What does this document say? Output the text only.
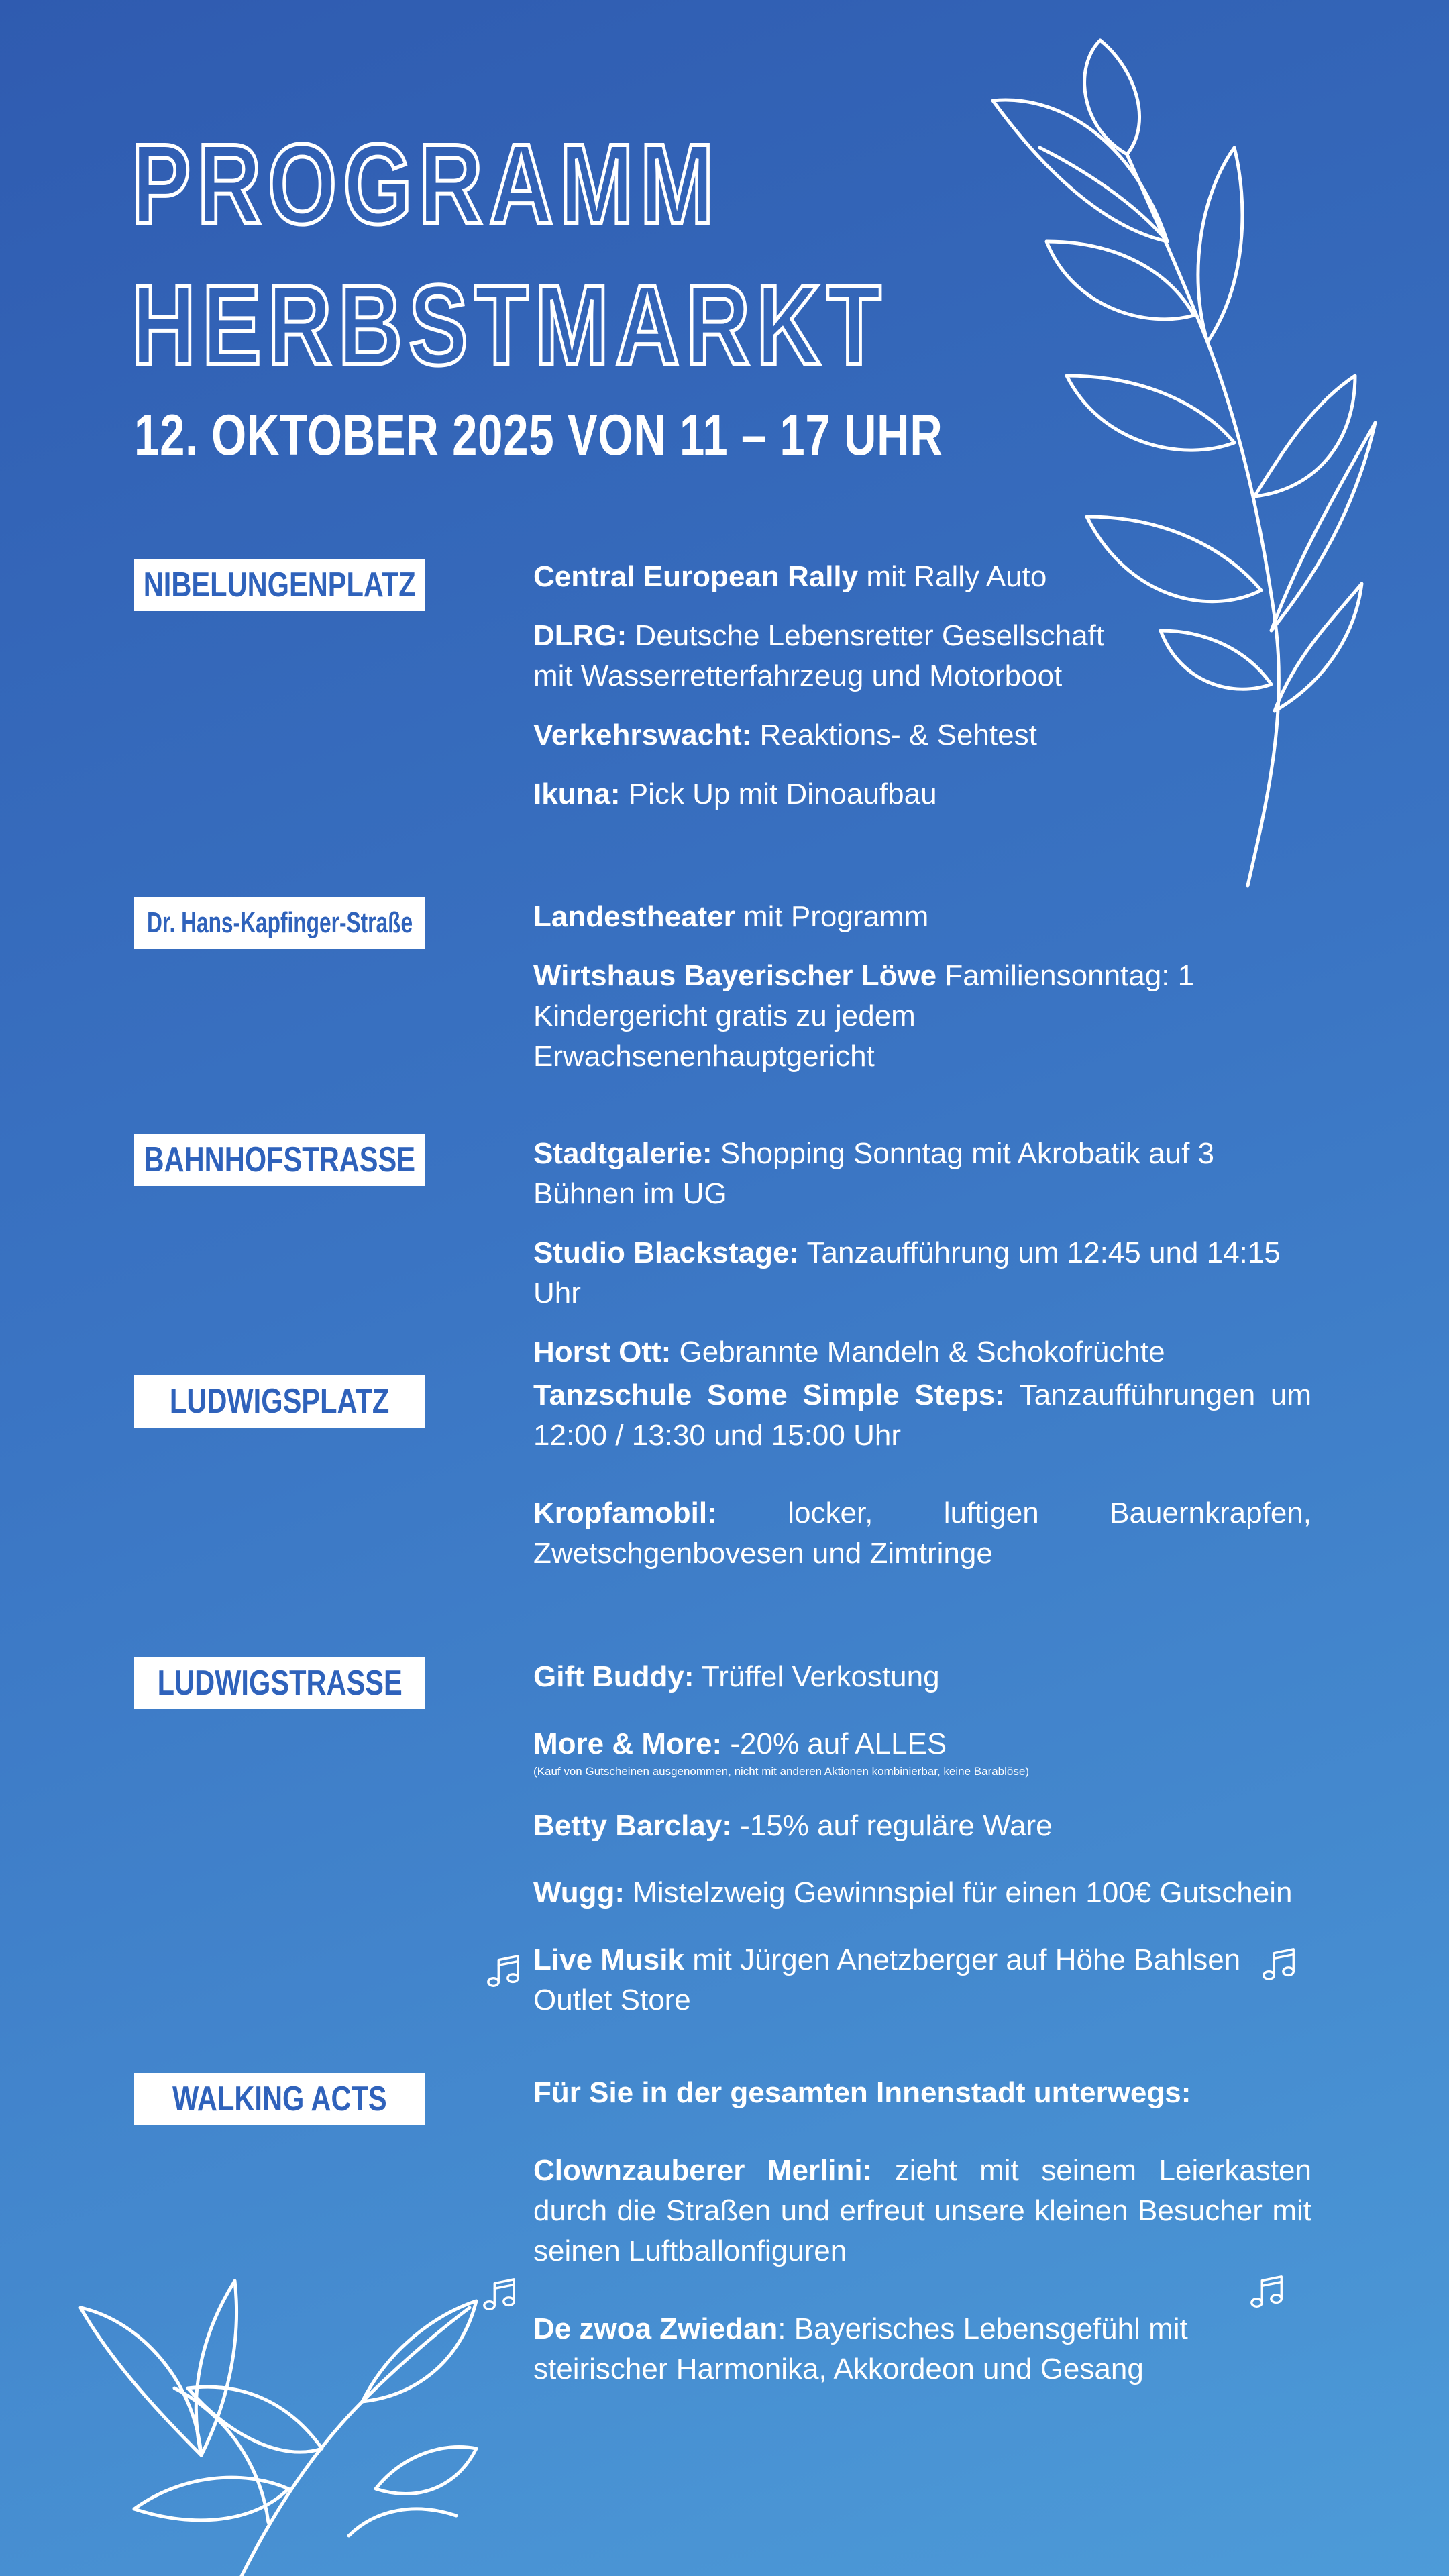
PROGRAMM
HERBSTMARKT
12. OKTOBER 2025 VON 11 – 17 UHR
NIBELUNGENPLATZ	Central European Rally mit Rally Auto

DLRG: Deutsche Lebensretter Gesellschaft mit Wasserretterfahrzeug und Motorboot

Verkehrswacht: Reaktions- & Sehtest

Ikuna: Pick Up mit Dinoaufbau

Dr. Hans-Kapfinger-Straße	Landestheater mit Programm

Wirtshaus Bayerischer Löwe Familiensonntag: 1 Kindergericht gratis zu jedem Erwachsenenhauptgericht

BAHNHOFSTRASSE	Stadtgalerie: Shopping Sonntag mit Akrobatik auf 3 Bühnen im UG

Studio Blackstage: Tanzaufführung um 12:45 und 14:15 Uhr

Horst Ott: Gebrannte Mandeln & Schokofrüchte

LUDWIGSPLATZ	Tanzschule Some Simple Steps: Tanzaufführungen um 12:00 / 13:30 und 15:00 Uhr

Kropfamobil: locker, luftigen Bauernkrapfen, Zwetschgenbovesen und Zimtringe

LUDWIGSTRASSE	Gift Buddy: Trüffel Verkostung

More & More: -20% auf ALLES
(Kauf von Gutscheinen ausgenommen, nicht mit anderen Aktionen kombinierbar, keine Barablöse)

Betty Barclay: -15% auf reguläre Ware

Wugg: Mistelzweig Gewinnspiel für einen 100€ Gutschein

Live Musik mit Jürgen Anetzberger auf Höhe Bahlsen Outlet Store

WALKING ACTS	Für Sie in der gesamten Innenstadt unterwegs:

Clownzauberer Merlini: zieht mit seinem Leierkasten durch die Straßen und erfreut unsere kleinen Besucher mit seinen Luftballonfiguren

De zwoa Zwiedan: Bayerisches Lebensgefühl mit steirischer Harmonika, Akkordeon und Gesang
